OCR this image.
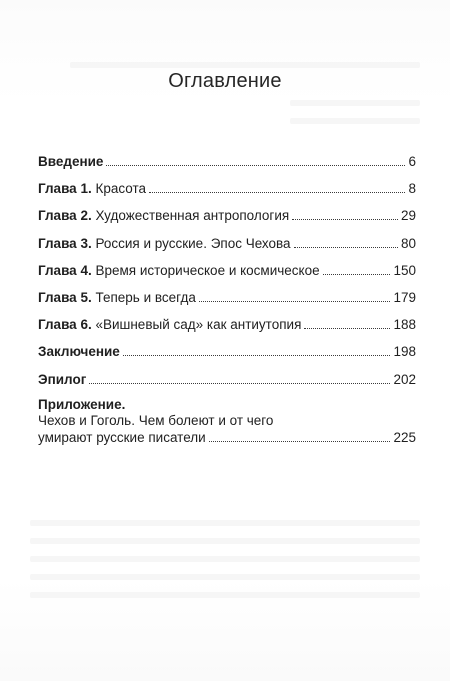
Оглавление
Введение	6
Глава 1. Красота	8
Глава 2. Художественная антропология	29
Глава 3. Россия и русские. Эпос Чехова	80
Глава 4. Время историческое и космическое	150
Глава 5. Теперь и всегда	179
Глава 6. «Вишневый сад» как антиутопия	188
Заключение	198
Эпилог	202
Приложение.
Чехов и Гоголь. Чем болеют и от чего
умирают русские писатели	225
